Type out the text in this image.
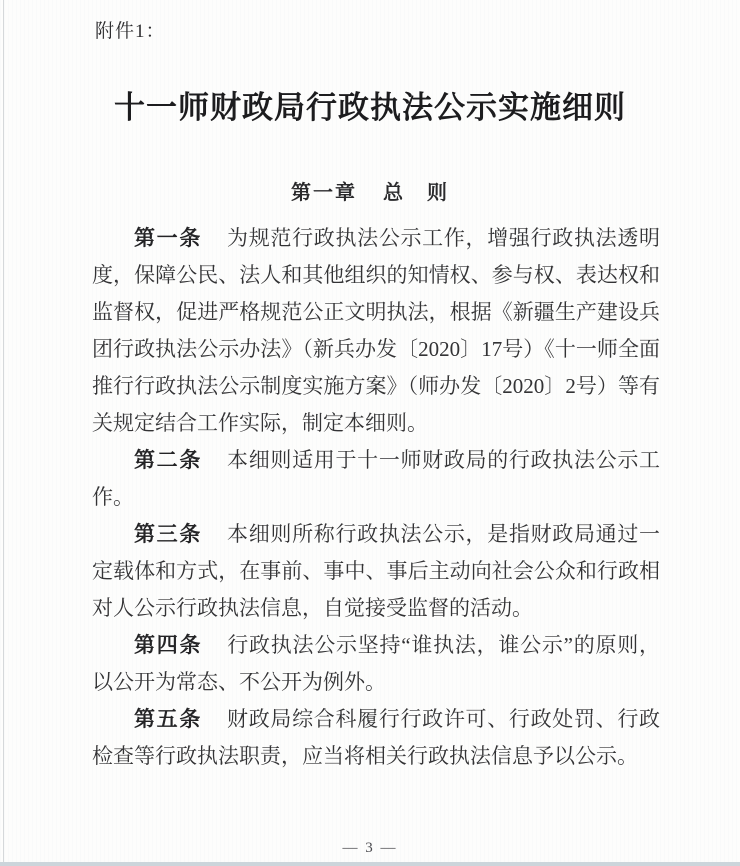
附件1：
十一师财政局行政执法公示实施细则
第一章 总　则

第一条 为规范行政执法公示工作，增强行政执法透明度，保障公民、法人和其他组织的知情权、参与权、表达权和监督权，促进严格规范公正文明执法，根据《新疆生产建设兵团行政执法公示办法》（新兵办发〔2020〕17号）《十一师全面推行行政执法公示制度实施方案》（师办发〔2020〕2号）等有关规定结合工作实际，制定本细则。

第二条 本细则适用于十一师财政局的行政执法公示工作。

第三条 本细则所称行政执法公示，是指财政局通过一定载体和方式，在事前、事中、事后主动向社会公众和行政相对人公示行政执法信息，自觉接受监督的活动。

第四条 行政执法公示坚持“谁执法，谁公示”的原则，以公开为常态、不公开为例外。

第五条 财政局综合科履行行政许可、行政处罚、行政检查等行政执法职责，应当将相关行政执法信息予以公示。

— 3 —
